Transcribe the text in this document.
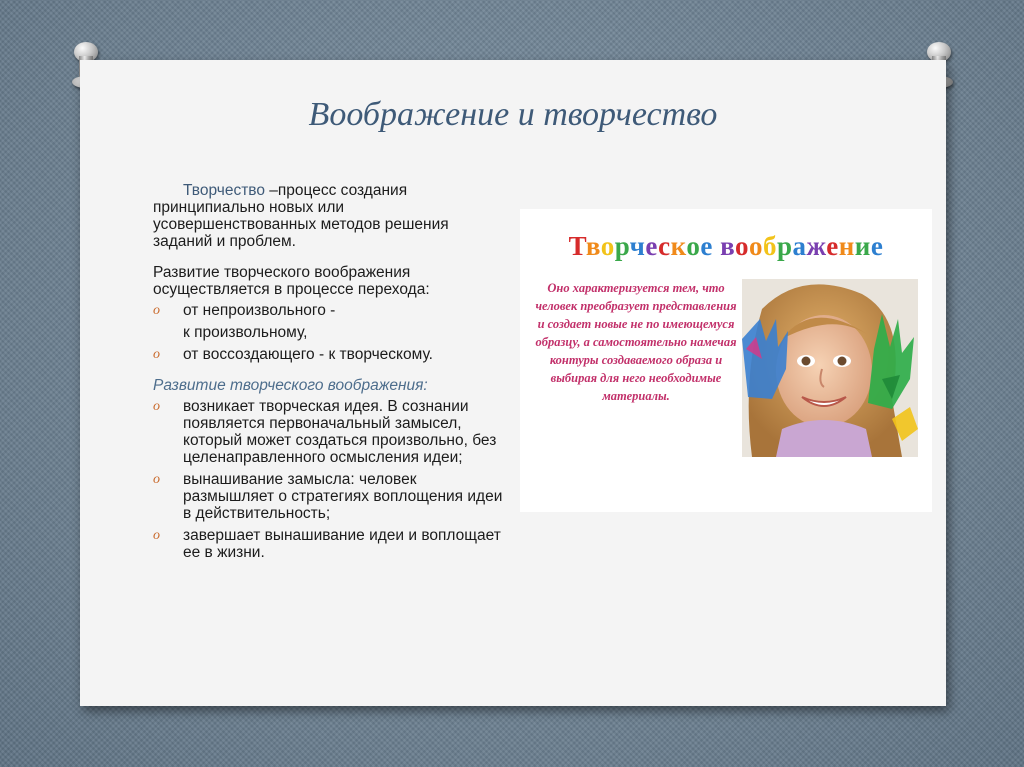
Воображение и творчество

Творчество –процесс создания принципиально новых или усовершенствованных методов решения заданий и проблем.

Развитие творческого воображения осуществляется в процессе перехода:

o от непроизвольного -
к произвольному,
o от воссоздающего - к творческому.

Развитие творческого воображения:

o возникает творческая идея. В сознании появляется первоначальный замысел, который может создаться произвольно, без целенаправленного осмысления идеи;
o вынашивание замысла: человек размышляет о стратегиях воплощения идеи в действительность;
o завершает вынашивание идеи и воплощает ее в жизни.
Творческое воображение
Оно характеризуется тем, что человек преобразует представления и создает новые не по имеющемуся образцу, а самостоятельно намечая контуры создаваемого образа и выбирая для него необходимые материалы.
